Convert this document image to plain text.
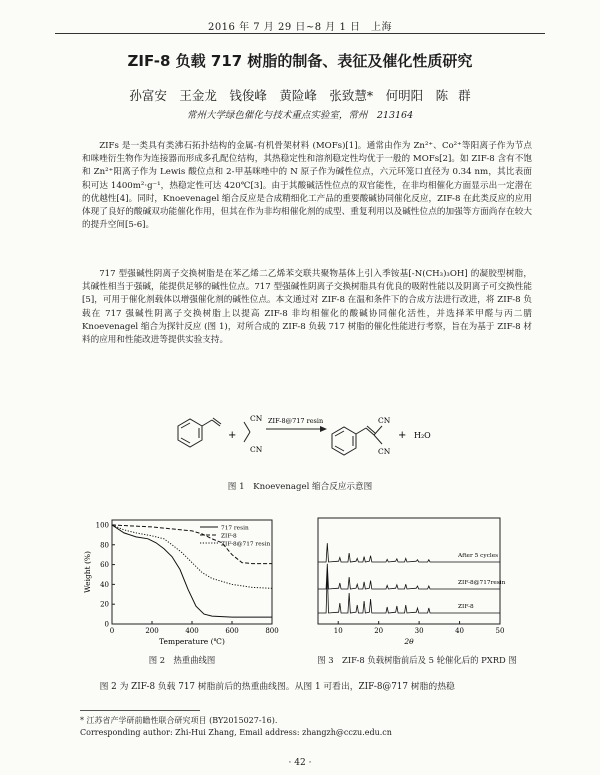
2016 年 7 月 29 日~8 月 1 日　上海
ZIF-8 负载 717 树脂的制备、表征及催化性质研究
孙富安　王金龙　钱俊峰　黄险峰　张致慧*　何明阳　陈 群
常州大学绿色催化与技术重点实验室，常州　213164

ZIFs 是一类具有类沸石拓扑结构的金属-有机骨架材料 (MOFs)[1]。通常由作为 Zn²⁺、Co²⁺等阳离子作为节点和咪唑衍生物作为连接器而形成多孔配位结构，其热稳定性和溶剂稳定性均优于一般的 MOFs[2]。如 ZIF-8 含有不饱和 Zn²⁺阳离子作为 Lewis 酸位点和 2-甲基咪唑中的 N 原子作为碱性位点，六元环笼口直径为 0.34 nm，其比表面积可达 1400m²·g⁻¹，热稳定性可达 420℃[3]。由于其酸碱活性位点的双官能性，在非均相催化方面显示出一定潜在的优越性[4]。同时，Knoevenagel 缩合反应是合成精细化工产品的重要酸碱协同催化反应，ZIF-8 在此类反应的应用体现了良好的酸碱双功能催化作用，但其在作为非均相催化剂的成型、重复利用以及碱性位点的加强等方面尚存在较大的提升空间[5-6]。

717 型强碱性阴离子交换树脂是在苯乙烯二乙烯苯交联共聚物基体上引入季铵基[-N(CH₃)₃OH] 的凝胶型树脂，其碱性相当于强碱，能提供足够的碱性位点。717 型强碱性阴离子交换树脂具有优良的吸附性能以及阴离子可交换性能[5]，可用于催化剂载体以增强催化剂的碱性位点。本文通过对 ZIF-8 在温和条件下的合成方法进行改进，将 ZIF-8 负载在 717 强碱性阴离子交换树脂上以提高 ZIF-8 非均相催化的酸碱协同催化活性，并选择苯甲醛与丙二腈 Knoevenagel 缩合为探针反应 (图 1)，对所合成的 ZIF-8 负载 717 树脂的催化性能进行考察，旨在为基于 ZIF-8 材料的应用和性能改进等提供实验支持。

+
CN
CN
ZIF-8@717 resin	CN
CN
+ H₂O
图 1　Knoevenagel 缩合反应示意图
0	200	400	600	800
0
20
40
60
80
100
Temperature (℃)
Weight (%)
717 resin
ZIF-8
ZIF-8@717 resin
图 2　热重曲线图
10	20	30	40	50
2θ
After 5 cycles
ZIF-8@717resin
ZIF-8
图 3　ZIF-8 负载树脂前后及 5 轮催化后的 PXRD 图
图 2 为 ZIF-8 负载 717 树脂前后的热重曲线图。从图 1 可看出，ZIF-8@717 树脂的热稳
* 江苏省产学研前瞻性联合研究项目 (BY2015027-16).
Corresponding author: Zhi-Hui Zhang, Email address: zhangzh@cczu.edu.cn
· 42 ·
